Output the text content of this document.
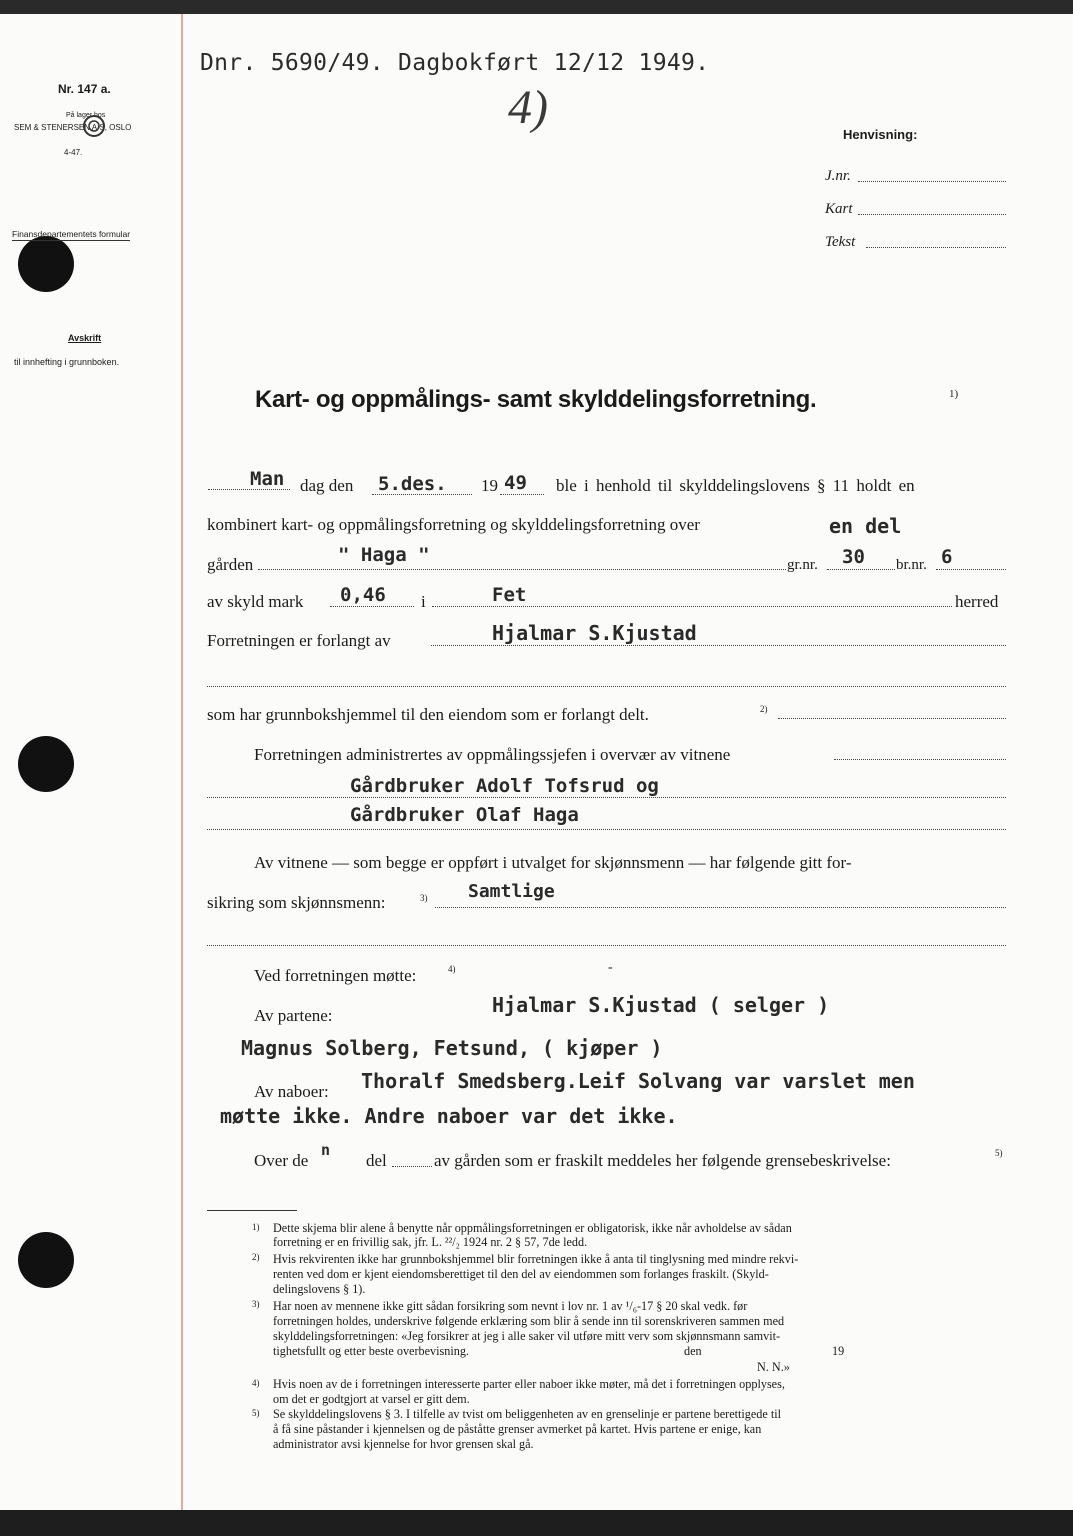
Nr. 147 a.
På lager hos
SEM & STENERSEN A/S, OSLO
4-47.
Finansdepartementets formular
Avskrift
til innhefting i grunnboken.
Dnr. 5690/49. Dagbokført 12/12 1949.
4)
Henvisning:
J.nr.
Kart
Tekst
Kart- og oppmålings- samt skylddelingsforretning.	1)
Man dag den 5.des. 19 49 ble i henhold til skylddelingslovens § 11 holdt en
kombinert kart- og oppmålingsforretning og skylddelingsforretning over	en del
gården	" Haga "	gr.nr. 30 br.nr. 6
av skyld mark 0,46 i	Fet	herred
Forretningen er forlangt av	Hjalmar S.Kjustad
som har grunnbokshjemmel til den eiendom som er forlangt delt.	2)
Forretningen administrertes av oppmålingssjefen i overvær av vitnene
Gårdbruker Adolf Tofsrud og
Gårdbruker Olaf Haga
Av vitnene — som begge er oppført i utvalget for skjønnsmenn — har følgende gitt for-
sikring som skjønnsmenn:	3) Samtlige
Ved forretningen møtte:	4)	-
Hjalmar S.Kjustad ( selger )
Av partene:
Magnus Solberg, Fetsund, ( kjøper )
Av naboer: Thoralf Smedsberg.Leif Solvang var varslet men
møtte ikke. Andre naboer var det ikke.
Over de
n
del	av gården som er fraskilt meddeles her følgende grensebeskrivelse:	5)
1) Dette skjema blir alene å benytte når oppmålingsforretningen er obligatorisk, ikke når avholdelse av sådan
forretning er en frivillig sak, jfr. L. ²²/₂ 1924 nr. 2 § 57, 7de ledd.
2) Hvis rekvirenten ikke har grunnbokshjemmel blir forretningen ikke å anta til tinglysning med mindre rekvi-
renten ved dom er kjent eiendomsberettiget til den del av eiendommen som forlanges fraskilt. (Skyld-
delingslovens § 1).
3) Har noen av mennene ikke gitt sådan forsikring som nevnt i lov nr. 1 av ¹/₆-17 § 20 skal vedk. før
forretningen holdes, underskrive følgende erklæring som blir å sende inn til sorenskriveren sammen med
skylddelingsforretningen: «Jeg forsikrer at jeg i alle saker vil utføre mitt verv som skjønnsmann samvit-
tighetsfullt og etter beste overbevisning.	den	19
N. N.»
4) Hvis noen av de i forretningen interesserte parter eller naboer ikke møter, må det i forretningen opplyses,
om det er godtgjort at varsel er gitt dem.
5) Se skylddelingslovens § 3. I tilfelle av tvist om beliggenheten av en grenselinje er partene berettigede til
å få sine påstander i kjennelsen og de påståtte grenser avmerket på kartet. Hvis partene er enige, kan
administrator avsi kjennelse for hvor grensen skal gå.
